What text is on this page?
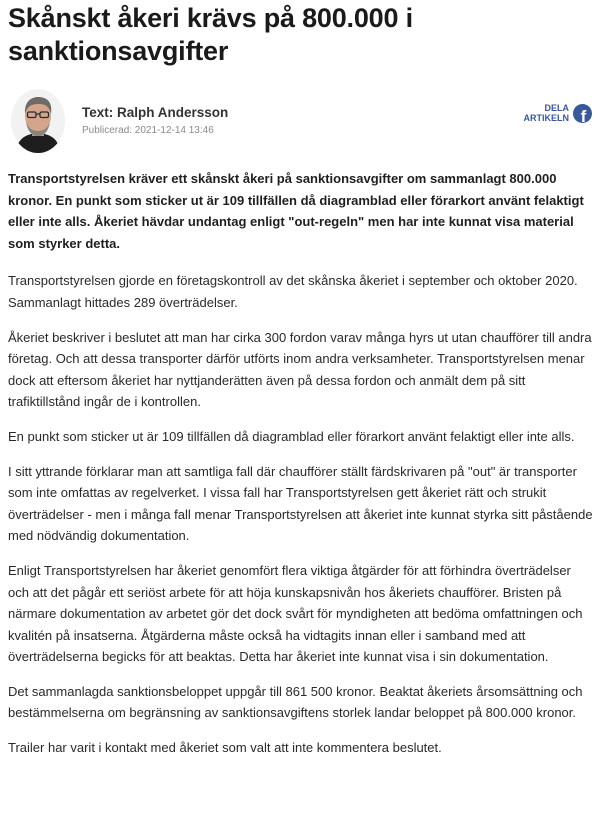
Skånskt åkeri krävs på 800.000 i sanktionsavgifter

Text: Ralph Andersson

Publicerad: 2021-12-14 13:46

DELA
ARTIKELN f

Transportstyrelsen kräver ett skånskt åkeri på sanktionsavgifter om sammanlagt 800.000 kronor. En punkt som sticker ut är 109 tillfällen då diagramblad eller förarkort använt felaktigt eller inte alls. Åkeriet hävdar undantag enligt "out-regeln" men har inte kunnat visa material som styrker detta.

Transportstyrelsen gjorde en företagskontroll av det skånska åkeriet i september och oktober 2020. Sammanlagt hittades 289 överträdelser.

Åkeriet beskriver i beslutet att man har cirka 300 fordon varav många hyrs ut utan chaufförer till andra företag. Och att dessa transporter därför utförts inom andra verksamheter. Transportstyrelsen menar dock att eftersom åkeriet har nyttjanderätten även på dessa fordon och anmält dem på sitt trafiktillstånd ingår de i kontrollen.

En punkt som sticker ut är 109 tillfällen då diagramblad eller förarkort använt felaktigt eller inte alls.

I sitt yttrande förklarar man att samtliga fall där chaufförer ställt färdskrivaren på "out" är transporter som inte omfattas av regelverket. I vissa fall har Transportstyrelsen gett åkeriet rätt och strukit överträdelser - men i många fall menar Transportstyrelsen att åkeriet inte kunnat styrka sitt påstående med nödvändig dokumentation.

Enligt Transportstyrelsen har åkeriet genomfört flera viktiga åtgärder för att förhindra överträdelser och att det pågår ett seriöst arbete för att höja kunskapsnivån hos åkeriets chaufförer. Bristen på närmare dokumentation av arbetet gör det dock svårt för myndigheten att bedöma omfattningen och kvalitén på insatserna. Åtgärderna måste också ha vidtagits innan eller i samband med att överträdelserna begicks för att beaktas. Detta har åkeriet inte kunnat visa i sin dokumentation.

Det sammanlagda sanktionsbeloppet uppgår till 861 500 kronor. Beaktat åkeriets årsomsättning och bestämmelserna om begränsning av sanktionsavgiftens storlek landar beloppet på 800.000 kronor.

Trailer har varit i kontakt med åkeriet som valt att inte kommentera beslutet.
